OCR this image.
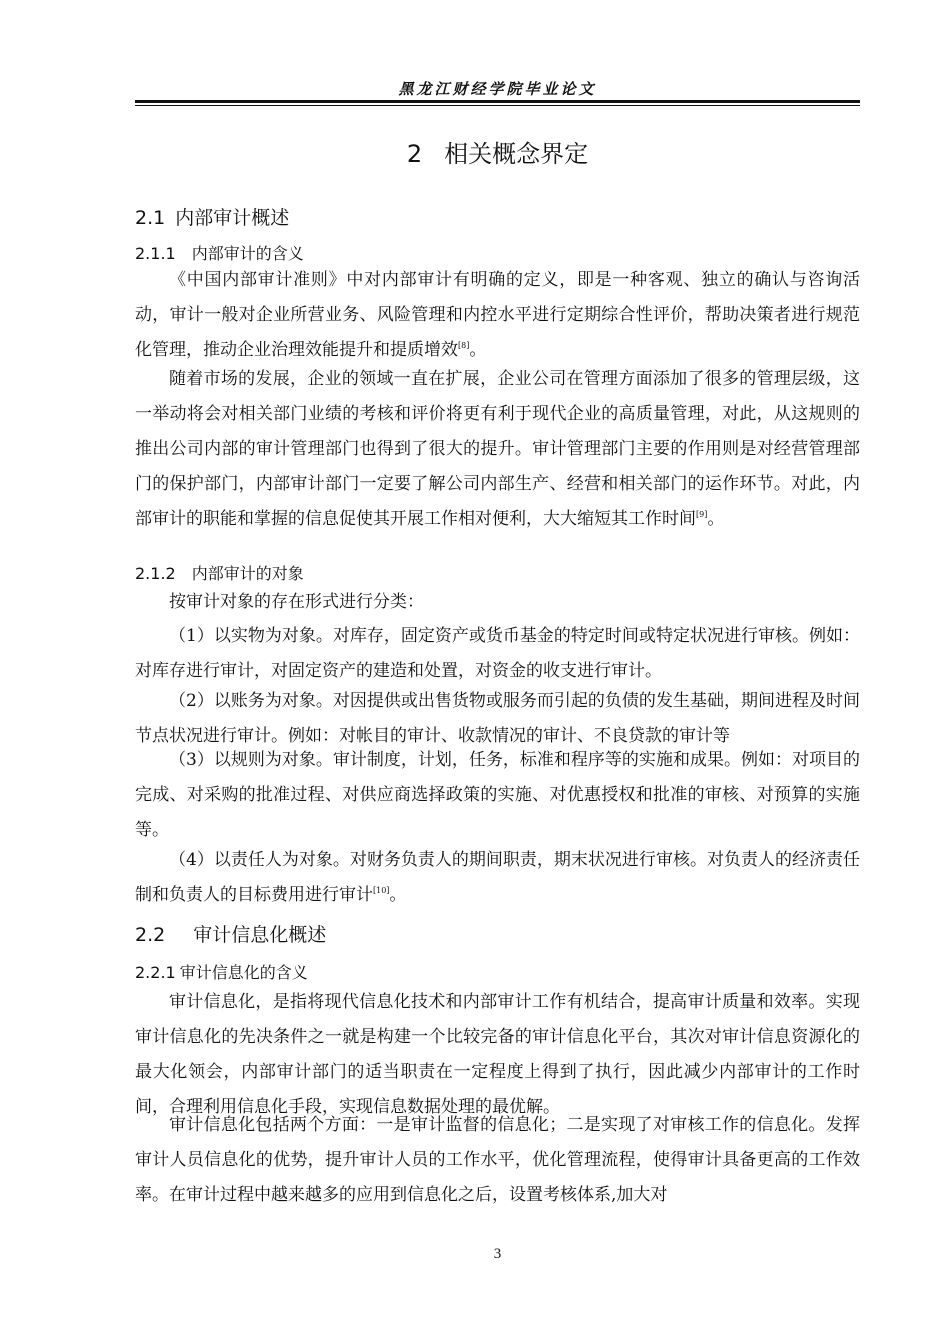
黑龙江财经学院毕业论文
2 相关概念界定
2.1 内部审计概述
2.1.1 内部审计的含义

《中国内部审计准则》中对内部审计有明确的定义，即是一种客观、独立的确认与咨询活动，审计一般对企业所营业务、风险管理和内控水平进行定期综合性评价，帮助决策者进行规范化管理，推动企业治理效能提升和提质增效[8]。

随着市场的发展，企业的领域一直在扩展，企业公司在管理方面添加了很多的管理层级，这一举动将会对相关部门业绩的考核和评价将更有利于现代企业的高质量管理，对此，从这规则的推出公司内部的审计管理部门也得到了很大的提升。审计管理部门主要的作用则是对经营管理部门的保护部门，内部审计部门一定要了解公司内部生产、经营和相关部门的运作环节。对此，内部审计的职能和掌握的信息促使其开展工作相对便利，大大缩短其工作时间[9]。

2.1.2 内部审计的对象

按审计对象的存在形式进行分类：

（1）以实物为对象。对库存，固定资产或货币基金的特定时间或特定状况进行审核。例如：对库存进行审计，对固定资产的建造和处置，对资金的收支进行审计。

（2）以账务为对象。对因提供或出售货物或服务而引起的负债的发生基础，期间进程及时间节点状况进行审计。例如：对帐目的审计、收款情况的审计、不良贷款的审计等

（3）以规则为对象。审计制度，计划，任务，标准和程序等的实施和成果。例如：对项目的完成、对采购的批准过程、对供应商选择政策的实施、对优惠授权和批准的审核、对预算的实施等。

（4）以责任人为对象。对财务负责人的期间职责，期末状况进行审核。对负责人的经济责任制和负责人的目标费用进行审计[10]。

2.2 审计信息化概述
2.2.1 审计信息化的含义

审计信息化，是指将现代信息化技术和内部审计工作有机结合，提高审计质量和效率。实现审计信息化的先决条件之一就是构建一个比较完备的审计信息化平台，其次对审计信息资源化的最大化领会，内部审计部门的适当职责在一定程度上得到了执行，因此减少内部审计的工作时间，合理利用信息化手段，实现信息数据处理的最优解。

审计信息化包括两个方面：一是审计监督的信息化；二是实现了对审核工作的信息化。发挥审计人员信息化的优势，提升审计人员的工作水平，优化管理流程，使得审计具备更高的工作效率。在审计过程中越来越多的应用到信息化之后，设置考核体系,加大对

3
